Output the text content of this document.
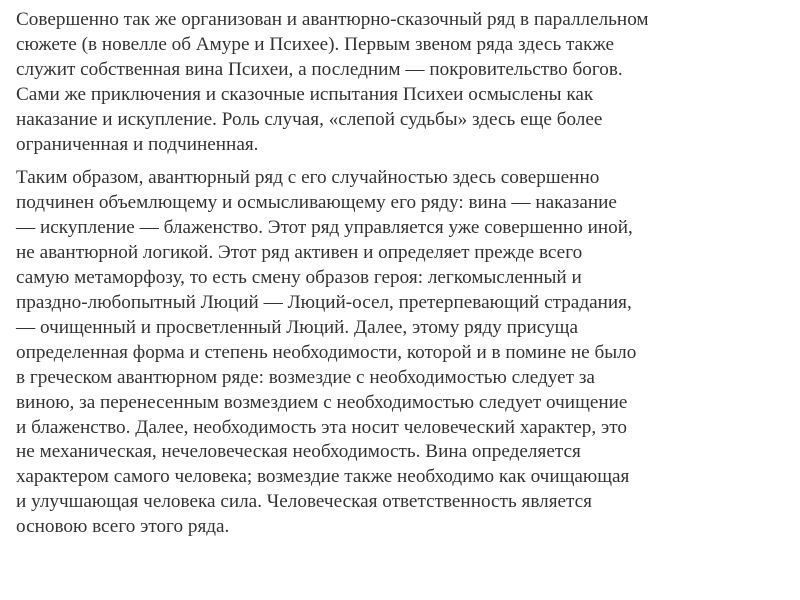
Совершенно так же организован и авантюрно-сказочный ряд в параллельном
сюжете (в новелле об Амуре и Психее). Первым звеном ряда здесь также
служит собственная вина Психеи, а последним — покровительство богов.
Сами же приключения и сказочные испытания Психеи осмыслены как
наказание и искупление. Роль случая, «слепой судьбы» здесь еще более
ограниченная и подчиненная.

Таким образом, авантюрный ряд с его случайностью здесь совершенно
подчинен объемлющему и осмысливающему его ряду: вина — наказание
— искупление — блаженство. Этот ряд управляется уже совершенно иной,
не авантюрной логикой. Этот ряд активен и определяет прежде всего
самую метаморфозу, то есть смену образов героя: легкомысленный и
праздно-любопытный Люций — Люций-осел, претерпевающий страдания,
— очищенный и просветленный Люций. Далее, этому ряду присуща
определенная форма и степень необходимости, которой и в помине не было
в греческом авантюрном ряде: возмездие с необходимостью следует за
виною, за перенесенным возмездием с необходимостью следует очищение
и блаженство. Далее, необходимость эта носит человеческий характер, это
не механическая, нечеловеческая необходимость. Вина определяется
характером самого человека; возмездие также необходимо как очищающая
и улучшающая человека сила. Человеческая ответственность является
основою всего этого ряда.
